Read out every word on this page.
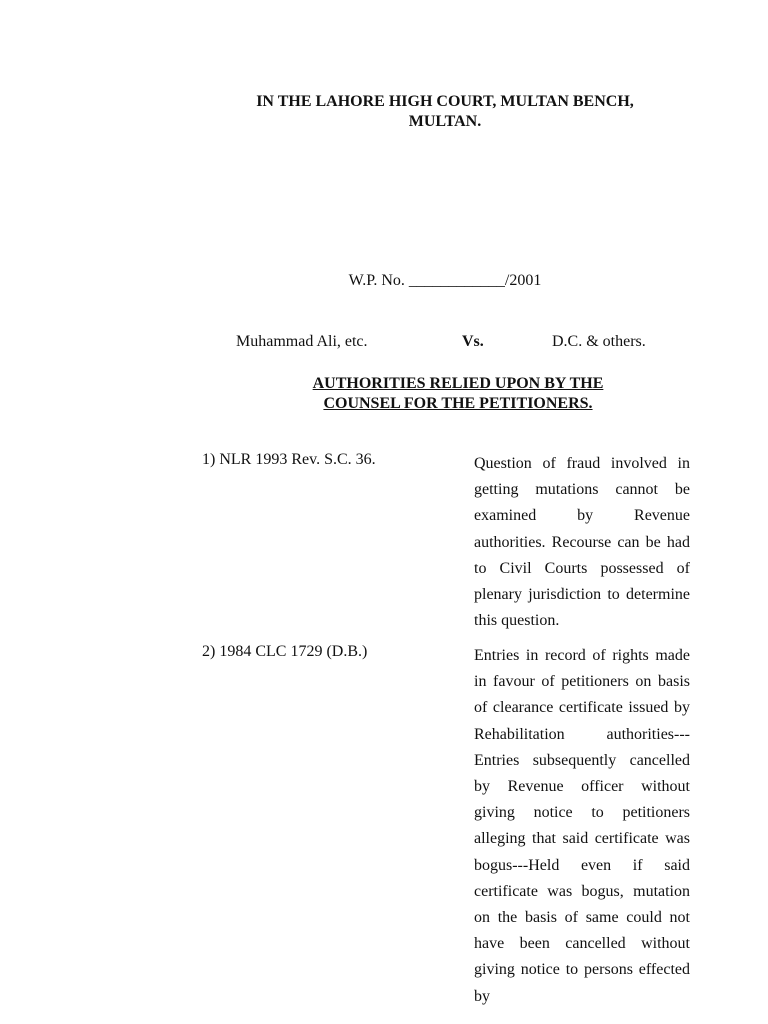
IN THE LAHORE HIGH COURT, MULTAN BENCH,
MULTAN.
W.P. No. ____________/2001
Muhammad Ali, etc.	Vs.	D.C. & others.
AUTHORITIES RELIED UPON BY THE
COUNSEL FOR THE PETITIONERS.
1) NLR 1993 Rev. S.C. 36.	Question of fraud involved in getting mutations cannot be examined by Revenue authorities. Recourse can be had to Civil Courts possessed of plenary jurisdiction to determine this question.
2) 1984 CLC 1729 (D.B.)	Entries in record of rights made in favour of petitioners on basis of clearance certificate issued by Rehabilitation authorities---Entries subsequently cancelled by Revenue officer without giving notice to petitioners alleging that said certificate was bogus---Held even if said certificate was bogus, mutation on the basis of same could not have been cancelled without giving notice to persons effected by
